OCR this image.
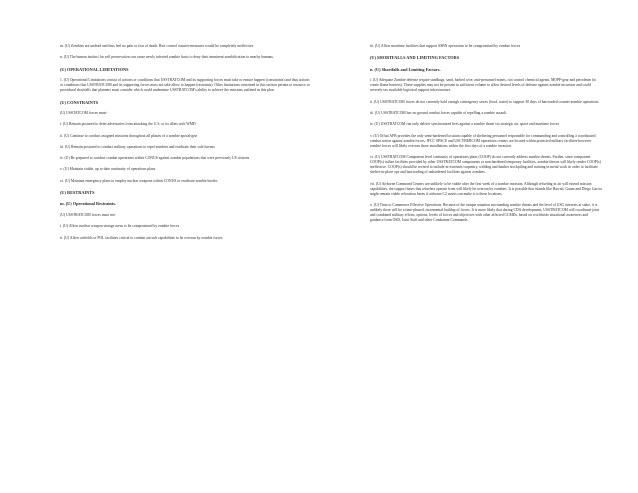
m. (U) Zombies are undead and thus feel no pain or fear of death. Riot control counter-measures would be completely ineffective.

n. (U) The human instinct for self preservation can cause newly infected zombie hosts to deny their imminent zombification to nearby humans.

(U) OPERATIONAL LIMITATIONS

1. (U) Operational Limitations consist of actions or conditions that USSTRATCOM and its supporting forces must take or ensure happen (constraints) and thus actions or conditions that USSTRATCOM and its supporting forces must not take allow to happen (restraints). Other limitations contained in this section pertain to resource or procedural shortfalls that planners must consider which could undermine USSTRATCOM's ability to achieve the missions outlined in this plan.

(U) CONSTRAINTS

(U) USSTATCOM forces must-

i. (U) Remain postured to deter adversaries from attacking the U.S. or its allies with WMD

ii. (U) Continue to conduct assigned missions throughout all phases of a zombie apocalypse

iii. (U) Remain postured to conduct military operations to repel zombies and eradicate their safe havens

iv. (U) Be prepared to conduct combat operations within CONUS against zombie populations that were previously US citizens

v. (U) Maintain viable, up to date continuity of operations plans

vi. (U) Maintain emergency plans to employ nuclear weapons within CONUS to eradicate zombie hordes

(U) RESTRAINTS

m. (U) Operational Restraints.

(U) USSTRATCOM forces must not-

i. (U) Allow nuclear weapon storage areas to be compromised by zombie forces

ii. (U) Allow airfields or POL facilities critical to combat aircraft capabilities to be overrun by zombie forces

iii. (U) Allow maritime facilities that support SSBN operations to be compromised by zombie forces

(U) SHORTFALLS AND LIMITING FACTORS

n. (U) Shortfalls and Limiting Factors.

i. (U) Adequate Zombie defense require sandbags, sand, barbed wire, anti-personnel mines, riot control chemical agents, MOPP-gear and petroleum (to create flame barriers). These supplies may not be present in sufficient volume to allow desired levels of defense against zombie incursion and could severely tax available logistical support infrastructure.

ii. (U) USSTRATCOM forces do not currently hold enough contingency stores (food, water) to support 30 days of barricaded counter-zombie operations.

iii. (U) USSTRATCOM has no ground combat forces capable of repelling a zombie assault.

iv. (U) USSTRATCOM can only deliver synchronized fires against a zombie threat via strategic air, space and maritime forces

v. (U) Offutt AFB provides the only semi-hardened location capable of sheltering personnel responsible for commanding and controlling a coordinated combat action against zombie forces. JFCC SPACE and USCYBERCOM operations centers are located within protected military facilities-however zombie forces will likely overrun those installations within the first days of a zombie invasion.

vi. (U) USSTRATCOM Component level continuity of operations plans (COOP) do not currently address zombie threats. Further, since component COOP(s) utilize facilities provided by other USSTRATCOM components or non-hardened temporary facilities, zombie threats will likely render COOP(s) ineffective. COOP(s) should be revised to include in-extremis carpentry, welding and lumber stockpiling and training in metal work in order to facilitate shelter-in-place ops and barricading of unhardened facilities against zombies.

vii. (U) Airborne Command Centers are unlikely to be viable after the first week of a zombie invasion. Although refueling in air will extend mission capabilities, the support bases that refuelers operate from will likely be overrun by zombies. It is possible that islands like Hawaii, Guam and Diego Garcia might remain viable relocation bases if airborne C2 assets can make it to these locations.

o. (U) Time to Commence Effective Operations. Because of the unique situation surrounding zombie threats and the level of USG interests at stake, it is unlikely there will be a time-phased, incremental buildup of forces. It is more likely that during CDA development, USSTRATCOM will coordinate joint and combined military efforts, options, levels of forces and objectives with other affected CCMDs, based on worldwide situational awareness and guidance from OSD, Joint Staff and other Combatant Commands.
